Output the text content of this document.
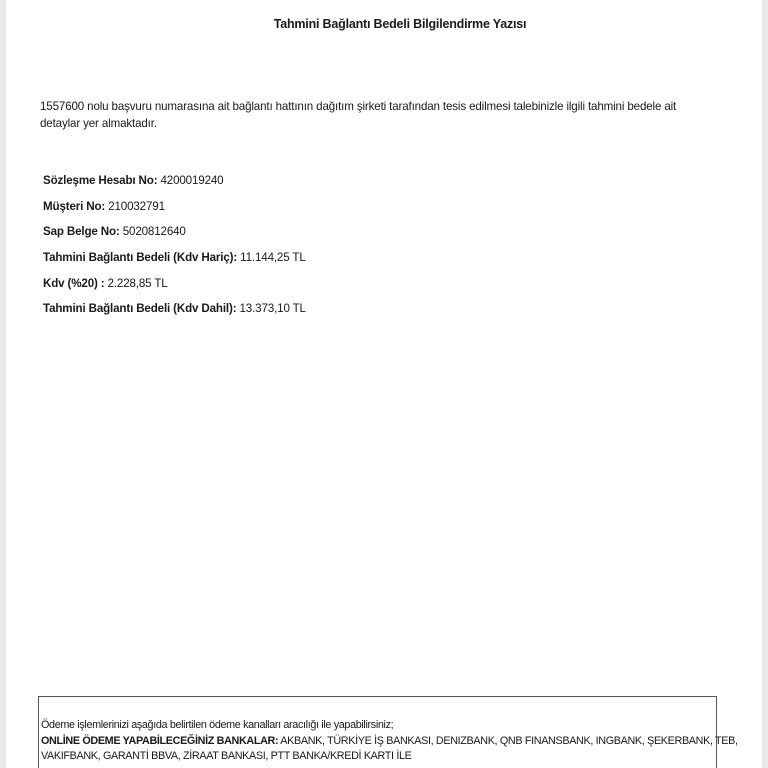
Tahmini Bağlantı Bedeli Bilgilendirme Yazısı
1557600 nolu başvuru numarasına ait bağlantı hattının dağıtım şirketi tarafından tesis edilmesi talebinizle ilgili tahmini bedele ait
detaylar yer almaktadır.
Sözleşme Hesabı No: 4200019240
Müşteri No: 210032791
Sap Belge No: 5020812640
Tahmini Bağlantı Bedeli (Kdv Hariç): 11.144,25 TL
Kdv (%20) : 2.228,85 TL
Tahmini Bağlantı Bedeli (Kdv Dahil): 13.373,10 TL
Ödeme işlemlerinizi aşağıda belirtilen ödeme kanalları aracılığı ile yapabilirsiniz;
ONLİNE ÖDEME YAPABİLECEĞİNİZ BANKALAR: AKBANK, TÜRKİYE İŞ BANKASI, DENIZBANK, QNB FINANSBANK, INGBANK, ŞEKERBANK, TEB,
VAKIFBANK, GARANTİ BBVA, ZİRAAT BANKASI, PTT BANKA/KREDİ KARTI İLE
